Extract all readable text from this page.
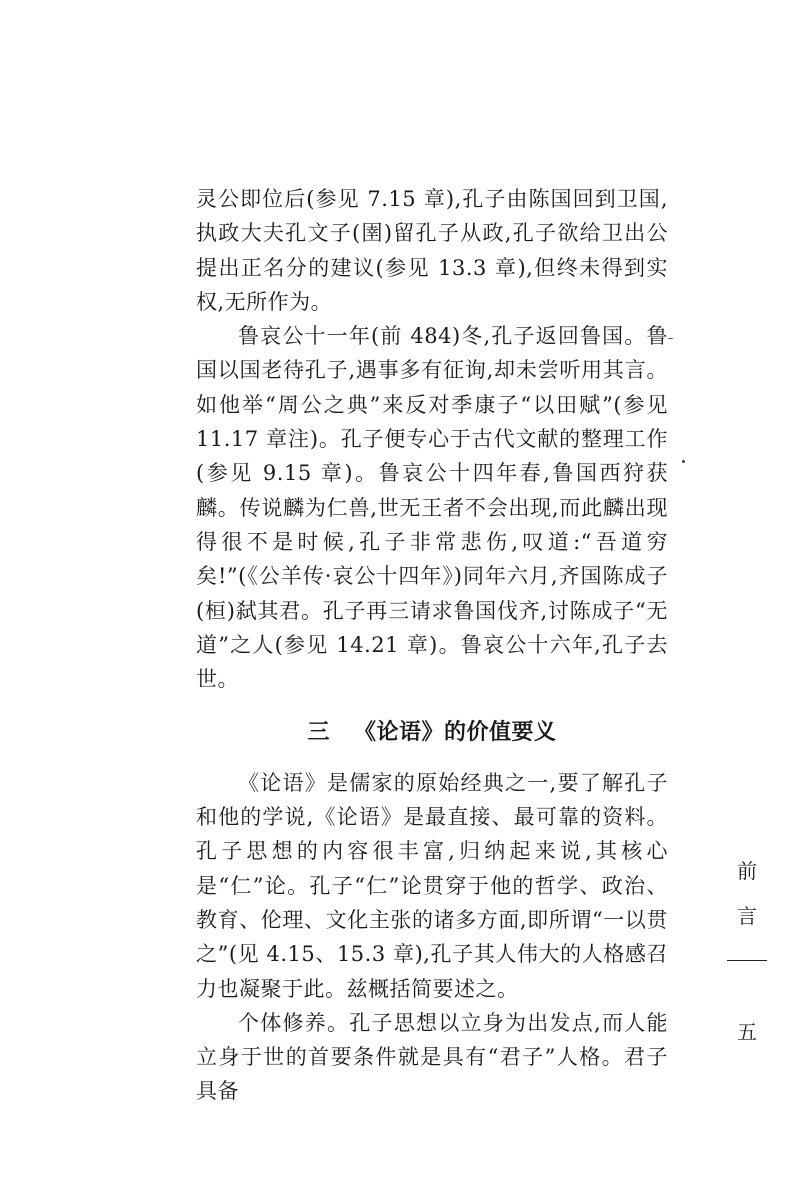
灵公即位后(参见 7.15 章),孔子由陈国回到卫国,执政大夫孔文子(圉)留孔子从政,孔子欲给卫出公提出正名分的建议(参见 13.3 章),但终未得到实权,无所作为。

鲁哀公十一年(前 484)冬,孔子返回鲁国。鲁国以国老待孔子,遇事多有征询,却未尝听用其言。如他举“周公之典”来反对季康子“以田赋”(参见 11.17 章注)。孔子便专心于古代文献的整理工作(参见 9.15 章)。鲁哀公十四年春,鲁国西狩获麟。传说麟为仁兽,世无王者不会出现,而此麟出现得很不是时候,孔子非常悲伤,叹道:“吾道穷矣!”(《公羊传·哀公十四年》)同年六月,齐国陈成子(桓)弑其君。孔子再三请求鲁国伐齐,讨陈成子“无道”之人(参见 14.21 章)。鲁哀公十六年,孔子去世。

三 《论语》的价值要义

《论语》是儒家的原始经典之一,要了解孔子和他的学说,《论语》是最直接、最可靠的资料。孔子思想的内容很丰富,归纳起来说,其核心是“仁”论。孔子“仁”论贯穿于他的哲学、政治、教育、伦理、文化主张的诸多方面,即所谓“一以贯之”(见 4.15、15.3 章),孔子其人伟大的人格感召力也凝聚于此。兹概括简要述之。

个体修养。孔子思想以立身为出发点,而人能立身于世的首要条件就是具有“君子”人格。君子具备

前
言
五
